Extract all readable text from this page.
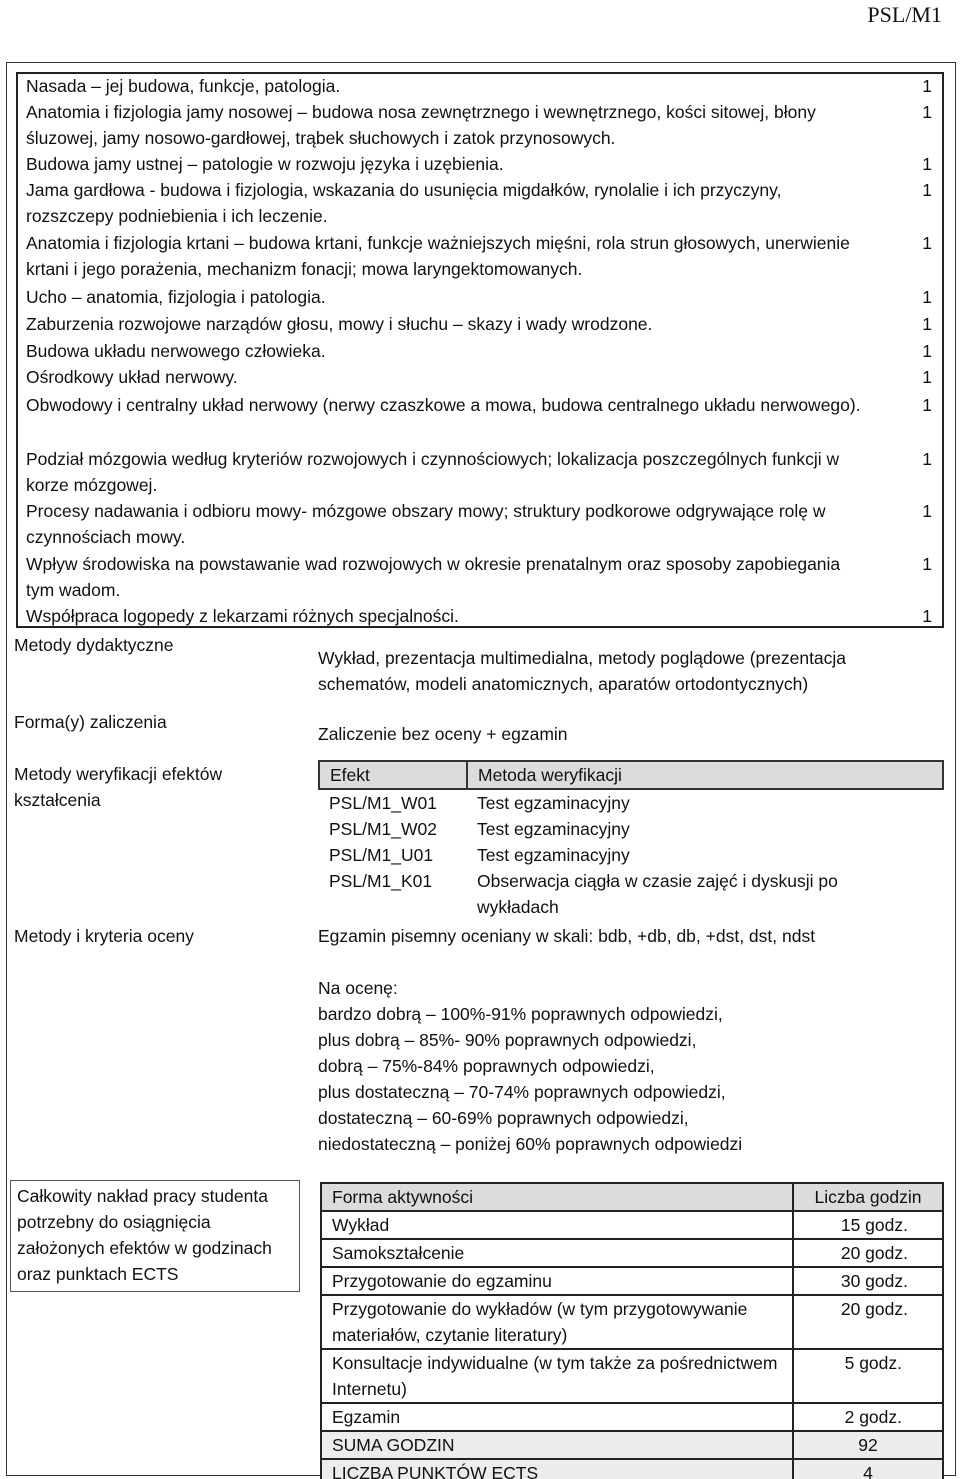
PSL/M1
Nasada – jej budowa, funkcje, patologia.	1
Anatomia i fizjologia jamy nosowej – budowa nosa zewnętrznego i wewnętrznego, kości sitowej, błony śluzowej, jamy nosowo-gardłowej, trąbek słuchowych i zatok przynosowych.
1
Budowa jamy ustnej – patologie w rozwoju języka i uzębienia.	1
Jama gardłowa - budowa i fizjologia, wskazania do usunięcia migdałków, rynolalie i ich przyczyny, rozszczepy podniebienia i ich leczenie.
1
Anatomia i fizjologia krtani – budowa krtani, funkcje ważniejszych mięśni, rola strun głosowych, unerwienie krtani i jego porażenia, mechanizm fonacji; mowa laryngektomowanych.
1
Ucho – anatomia, fizjologia i patologia.	1
Zaburzenia rozwojowe narządów głosu, mowy i słuchu – skazy i wady wrodzone.	1
Budowa układu nerwowego człowieka.	1
Ośrodkowy układ nerwowy.	1
Obwodowy i centralny układ nerwowy (nerwy czaszkowe a mowa, budowa centralnego układu nerwowego).	1
Podział mózgowia według kryteriów rozwojowych i czynnościowych; lokalizacja poszczególnych funkcji w korze mózgowej.
1
Procesy nadawania i odbioru mowy- mózgowe obszary mowy; struktury podkorowe odgrywające rolę w czynnościach mowy.
1
Wpływ środowiska na powstawanie wad rozwojowych w okresie prenatalnym oraz sposoby zapobiegania tym wadom.
1
Współpraca logopedy z lekarzami różnych specjalności.	1
Metody dydaktyczne
Wykład, prezentacja multimedialna, metody poglądowe (prezentacja schematów, modeli anatomicznych, aparatów ortodontycznych)
Forma(y) zaliczenia
Zaliczenie bez oceny + egzamin
Metody weryfikacji efektów kształcenia
Efekt	Metoda weryfikacji
PSL/M1_W01	Test egzaminacyjny
PSL/M1_W02	Test egzaminacyjny
PSL/M1_U01	Test egzaminacyjny
PSL/M1_K01	Obserwacja ciągła w czasie zajęć i dyskusji po wykładach
Metody i kryteria oceny	Egzamin pisemny oceniany w skali: bdb, +db, db, +dst, dst, ndst
Na ocenę:
bardzo dobrą – 100%-91% poprawnych odpowiedzi,
plus dobrą – 85%- 90% poprawnych odpowiedzi,
dobrą – 75%-84% poprawnych odpowiedzi,
plus dostateczną – 70-74% poprawnych odpowiedzi,
dostateczną – 60-69% poprawnych odpowiedzi,
niedostateczną – poniżej 60% poprawnych odpowiedzi
Całkowity nakład pracy studenta potrzebny do osiągnięcia założonych efektów w godzinach oraz punktach ECTS
Forma aktywności	Liczba godzin
Wykład	15 godz.
Samokształcenie	20 godz.
Przygotowanie do egzaminu	30 godz.
Przygotowanie do wykładów (w tym przygotowywanie materiałów, czytanie literatury)	20 godz.
Konsultacje indywidualne (w tym także za pośrednictwem Internetu)	5 godz.
Egzamin	2 godz.
SUMA GODZIN	92
LICZBA PUNKTÓW ECTS	4
